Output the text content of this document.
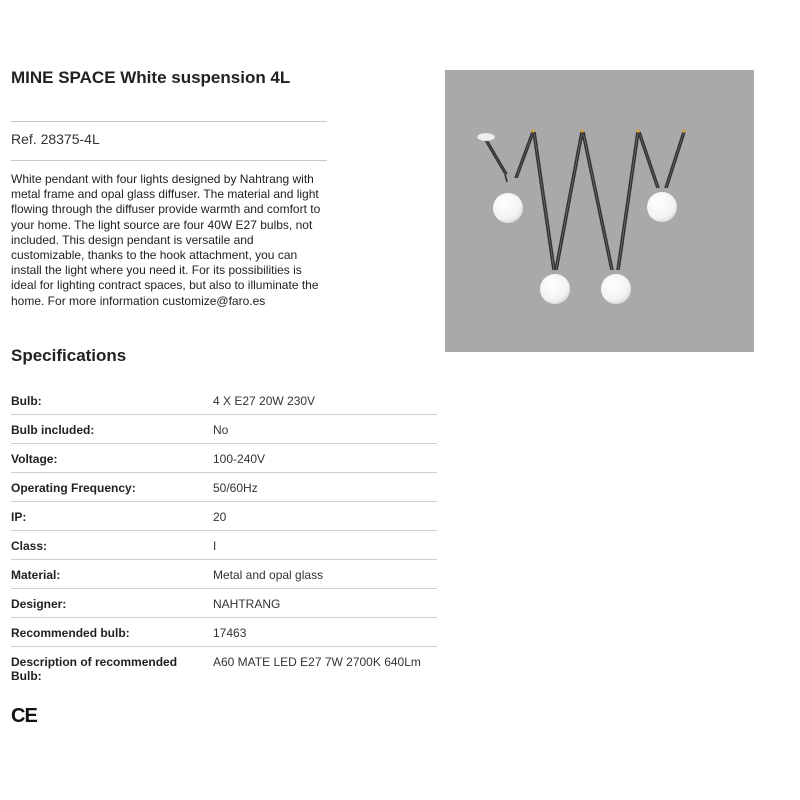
MINE SPACE White suspension 4L
Ref. 28375-4L
White pendant with four lights designed by Nahtrang with metal frame and opal glass diffuser. The material and light flowing through the diffuser provide warmth and comfort to your home. The light source are four 40W E27 bulbs, not included. This design pendant is versatile and customizable, thanks to the hook attachment, you can install the light where you need it. For its possibilities is ideal for lighting contract spaces, but also to illuminate the home. For more information customize@faro.es
Specifications
Bulb:	4 X E27 20W 230V
Bulb included:	No
Voltage:	100-240V
Operating Frequency:	50/60Hz
IP:	20
Class:	I
Material:	Metal and opal glass
Designer:	NAHTRANG
Recommended bulb:	17463
Description of recommended Bulb:
A60 MATE LED E27 7W 2700K 640Lm
CE
